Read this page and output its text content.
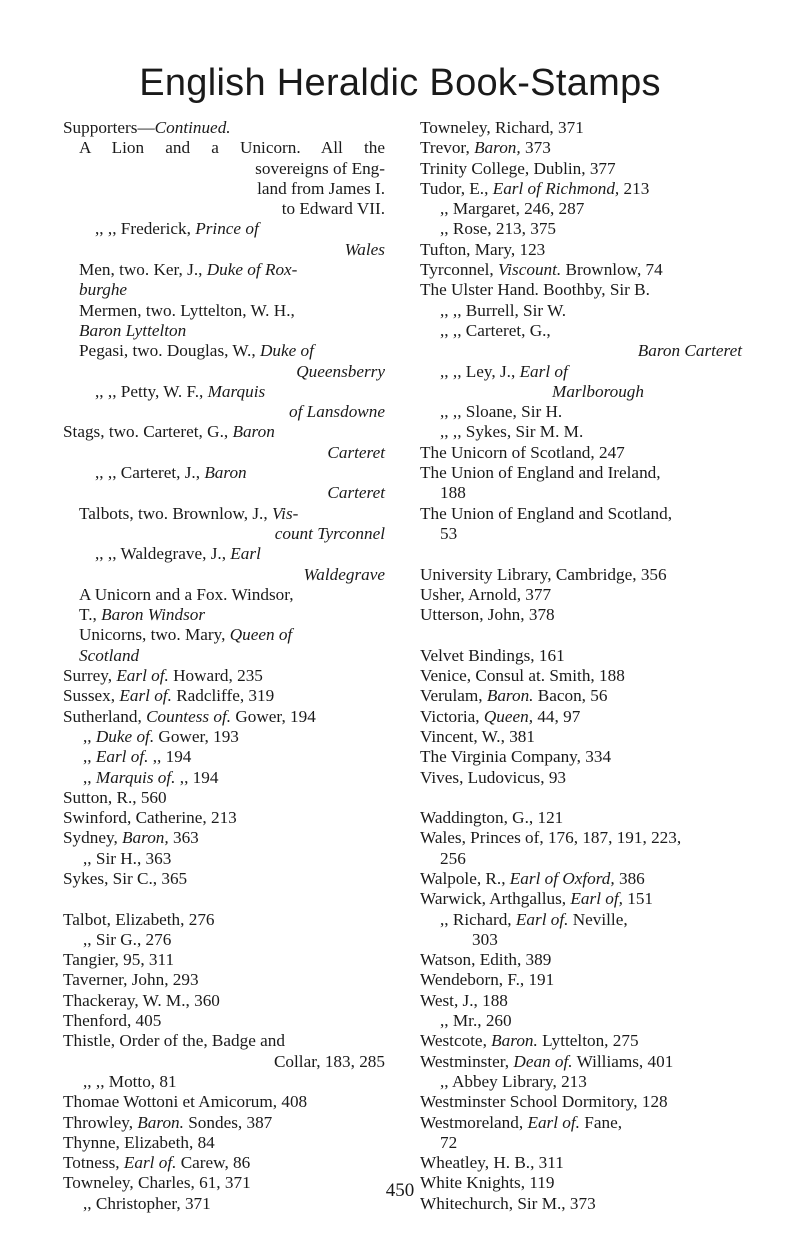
English Heraldic Book-Stamps
Supporters—Continued.
A Lion and a Unicorn. All the
sovereigns of Eng-
land from James I.
to Edward VII.
,, ,, Frederick, Prince of
Wales
Men, two. Ker, J., Duke of Rox-
burghe
Mermen, two. Lyttelton, W. H.,
Baron Lyttelton
Pegasi, two. Douglas, W., Duke of
Queensberry
,, ,, Petty, W. F., Marquis
of Lansdowne
Stags, two. Carteret, G., Baron
Carteret
,, ,, Carteret, J., Baron
Carteret
Talbots, two. Brownlow, J., Vis-
count Tyrconnel
,, ,, Waldegrave, J., Earl
Waldegrave
A Unicorn and a Fox. Windsor,
T., Baron Windsor
Unicorns, two. Mary, Queen of
Scotland
Surrey, Earl of. Howard, 235
Sussex, Earl of. Radcliffe, 319
Sutherland, Countess of. Gower, 194
,, Duke of. Gower, 193
,, Earl of. ,, 194
,, Marquis of. ,, 194
Sutton, R., 560
Swinford, Catherine, 213
Sydney, Baron, 363
,, Sir H., 363
Sykes, Sir C., 365
Talbot, Elizabeth, 276
,, Sir G., 276
Tangier, 95, 311
Taverner, John, 293
Thackeray, W. M., 360
Thenford, 405
Thistle, Order of the, Badge and
Collar, 183, 285
,, ,, Motto, 81
Thomae Wottoni et Amicorum, 408
Throwley, Baron. Sondes, 387
Thynne, Elizabeth, 84
Totness, Earl of. Carew, 86
Towneley, Charles, 61, 371
,, Christopher, 371
Towneley, Richard, 371
Trevor, Baron, 373
Trinity College, Dublin, 377
Tudor, E., Earl of Richmond, 213
,, Margaret, 246, 287
,, Rose, 213, 375
Tufton, Mary, 123
Tyrconnel, Viscount. Brownlow, 74
The Ulster Hand. Boothby, Sir B.
,, ,, Burrell, Sir W.
,, ,, Carteret, G.,
Baron Carteret
,, ,, Ley, J., Earl of
Marlborough
,, ,, Sloane, Sir H.
,, ,, Sykes, Sir M. M.
The Unicorn of Scotland, 247
The Union of England and Ireland,
188
The Union of England and Scotland,
53
University Library, Cambridge, 356
Usher, Arnold, 377
Utterson, John, 378
Velvet Bindings, 161
Venice, Consul at. Smith, 188
Verulam, Baron. Bacon, 56
Victoria, Queen, 44, 97
Vincent, W., 381
The Virginia Company, 334
Vives, Ludovicus, 93
Waddington, G., 121
Wales, Princes of, 176, 187, 191, 223,
256
Walpole, R., Earl of Oxford, 386
Warwick, Arthgallus, Earl of, 151
,, Richard, Earl of. Neville,
303
Watson, Edith, 389
Wendeborn, F., 191
West, J., 188
,, Mr., 260
Westcote, Baron. Lyttelton, 275
Westminster, Dean of. Williams, 401
,, Abbey Library, 213
Westminster School Dormitory, 128
Westmoreland, Earl of. Fane,
72
Wheatley, H. B., 311
White Knights, 119
Whitechurch, Sir M., 373
450
